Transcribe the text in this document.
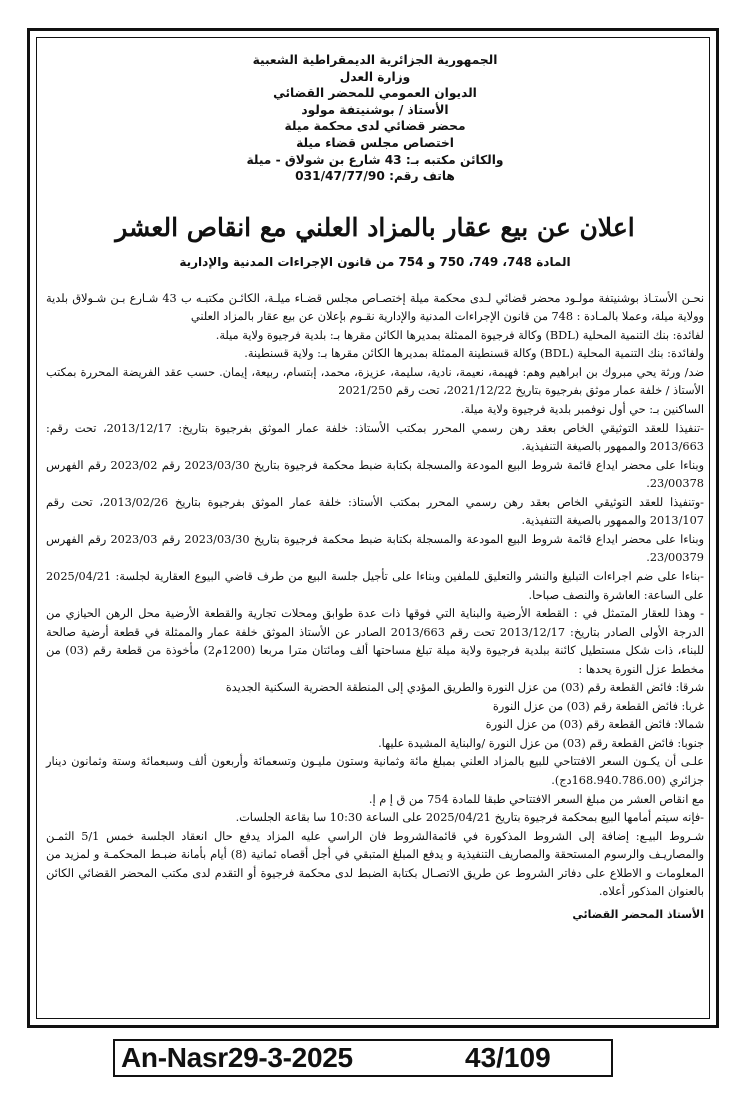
الجمهورية الجزائرية الديمقراطية الشعبية
وزارة العدل
الديوان العمومي للمحضر القضائي
الأستاذ / بوشنيتفة مولود
محضر قضائي لدى محكمة ميلة
اختصاص مجلس قضاء ميلة
والكائن مكتبه بـ: 43 شارع بن شولاق - ميلة
هاتف رقم: 031/47/77/90
اعلان عن بيع عقار بالمزاد العلني مع انقاص العشر
المادة 748، 749، 750 و 754 من قانون الإجراءات المدنية والإدارية

نحـن الأستـاذ بوشنيتفة مولـود محضر قضائي لـدى محكمة ميلة إختصـاص مجلس قضـاء ميلـة، الكائـن مكتبـه ب 43 شـارع بـن شـولاق بلدية وولاية ميلة، وعملا بالمـادة : 748 من قانون الإجراءات المدنية والإدارية نقـوم بإعلان عن بيع عقار بالمزاد العلني

لفائدة: بنك التنمية المحلية (BDL) وكالة فرجيوة الممثلة بمديرها الكائن مقرها بـ: بلدية فرجيوة ولاية ميلة.

ولفائدة: بنك التنمية المحلية (BDL) وكالة قسنطينة الممثلة بمديرها الكائن مقرها بـ: ولاية قسنطينة.

ضد/ ورثة يحي مبروك بن ابراهيم وهم: فهيمة، نعيمة، نادية، سليمة، عزيزة، محمد، إبتسام، ربيعة، إيمان. حسب عقد الفريضة المحررة بمكتب الأستاذ / خلفة عمار موثق بفرجيوة بتاريخ 2021/12/22، تحت رقم 2021/250

الساكنين بـ: حي أول نوفمبر بلدية فرجيوة ولاية ميلة.

-تنفيذا للعقد التوثيقي الخاص بعقد رهن رسمي المحرر بمكتب الأستاذ: خلفة عمار الموثق بفرجيوة بتاريخ: 2013/12/17، تحت رقم: 2013/663 والممهور بالصيغة التنفيذية.

وبناءا على محضر ايداع قائمة شروط البيع المودعة والمسجلة بكتابة ضبط محكمة فرجيوة بتاريخ 2023/03/30 رقم 2023/02 رقم الفهرس 23/00378.

-وتنفيذا للعقد التوثيقي الخاص بعقد رهن رسمي المحرر بمكتب الأستاذ: خلفة عمار الموثق بفرجيوة بتاريخ 2013/02/26، تحت رقم 2013/107 والممهور بالصيغة التنفيذية.

وبناءا على محضر ايداع قائمة شروط البيع المودعة والمسجلة بكتابة ضبط محكمة فرجيوة بتاريخ 2023/03/30 رقم 2023/03 رقم الفهرس 23/00379.

-بناءا على ضم اجراءات التبليغ والنشر والتعليق للملفين وبناءا على تأجيل جلسة البيع من طرف قاضي البيوع العقارية لجلسة: 2025/04/21 على الساعة: العاشرة والنصف صباحا.

- وهذا للعقار المتمثل في : القطعة الأرضية والبناية التي فوقها ذات عدة طوابق ومحلات تجارية والقطعة الأرضية محل الرهن الحيازي من الدرجة الأولى الصادر بتاريخ: 2013/12/17 تحت رقم 2013/663 الصادر عن الأستاذ الموثق خلفة عمار والممثلة في قطعة أرضية صالحة للبناء، ذات شكل مستطيل كائنة ببلدية فرجيوة ولاية ميلة تبلغ مساحتها ألف ومائتان مترا مربعا (1200م2) مأخوذة من قطعة رقم (03) من مخطط عزل النورة يحدها :

شرقا: فائض القطعة رقم (03) من عزل النورة والطريق المؤدي إلى المنطقة الحضرية السكنية الجديدة

غربا: فائض القطعة رقم (03) من عزل النورة

شمالا: فائض القطعة رقم (03) من عزل النورة

جنوبا: فائض القطعة رقم (03) من عزل النورة /والبناية المشيدة عليها.

علـى أن يكـون السعر الافتتاحي للبيع بالمزاد العلني بمبلغ مائة وثمانية وستون مليـون وتسعمائة وأربعون ألف وسبعمائة وستة وثمانون دينار جزائري (168.940.786.00دج).

مع انقاص العشر من مبلغ السعر الافتتاحي طبقا للمادة 754 من ق إ م إ.

-فإنه سيتم أمامها البيع بمحكمة فرجيوة بتاريخ 2025/04/21 على الساعة 10:30 سا بقاعة الجلسات.

شـروط البيـع: إضافة إلى الشروط المذكورة في قائمةالشروط فان الراسي عليه المزاد يدفع حال انعقاد الجلسة خمس 5/1 الثمـن والمصاريـف والرسوم المستحقة والمصاريف التنفيذية و يدفع المبلغ المتبقي في أجل أقصاه ثمانية (8) أيام بأمانة ضبـط المحكمـة و لمزيد من المعلومات و الاطلاع على دفاتر الشروط عن طريق الاتصـال بكتابة الضبط لدى محكمة فرجيوة أو التقدم لدى مكتب المحضر القضائي الكائن بالعنوان المذكور أعلاه.

الأستاذ المحضر القضائي
An-Nasr29-3-2025	43/109
